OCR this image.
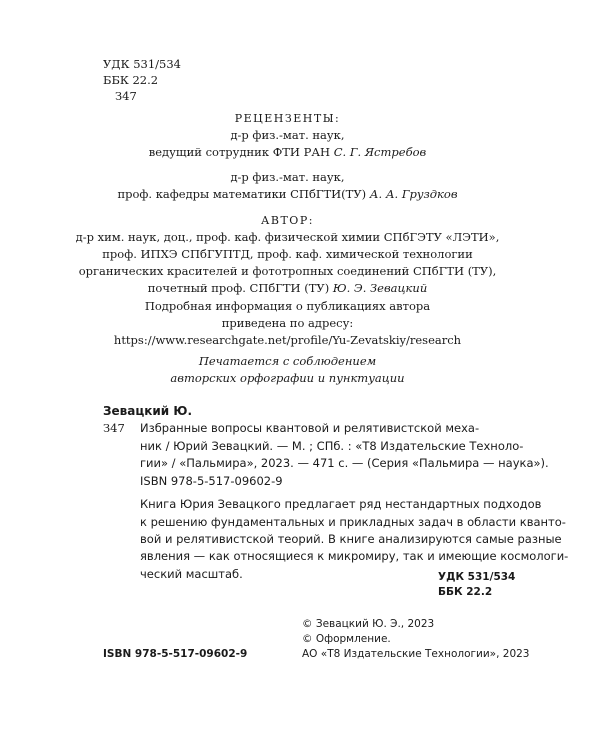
УДК 531/534
ББК 22.2
З47
РЕЦЕНЗЕНТЫ:
д-р физ.-мат. наук,
ведущий сотрудник ФТИ РАН С. Г. Ястребов
д-р физ.-мат. наук,
проф. кафедры математики СПбГТИ(ТУ) А. А. Груздков
АВТОР:
д-р хим. наук, доц., проф. каф. физической химии СПбГЭТУ «ЛЭТИ»,
проф. ИПХЭ СПбГУПТД, проф. каф. химической технологии
органических красителей и фототропных соединений СПбГТИ (ТУ),
почетный проф. СПбГТИ (ТУ) Ю. Э. Зевацкий
Подробная информация о публикациях автора
приведена по адресу:
https://www.researchgate.net/profile/Yu-Zevatskiy/research
Печатается с соблюдением
авторских орфографии и пунктуации
Зевацкий Ю.
З47 Избранные вопросы квантовой и релятивистской меха-
ник / Юрий Зевацкий. — М. ; СПб. : «Т8 Издательские Техноло-
гии» / «Пальмира», 2023. — 471 с. — (Серия «Пальмира — наука»).
ISBN 978-5-517-09602-9
Книга Юрия Зевацкого предлагает ряд нестандартных подходов
к решению фундаментальных и прикладных задач в области кванто-
вой и релятивистской теорий. В книге анализируются самые разные
явления — как относящиеся к микромиру, так и имеющие космологи-
ческий масштаб.	УДК 531/534
ББК 22.2
© Зевацкий Ю. Э., 2023
© Оформление.
АО «Т8 Издательские Технологии», 2023
ISBN 978-5-517-09602-9
